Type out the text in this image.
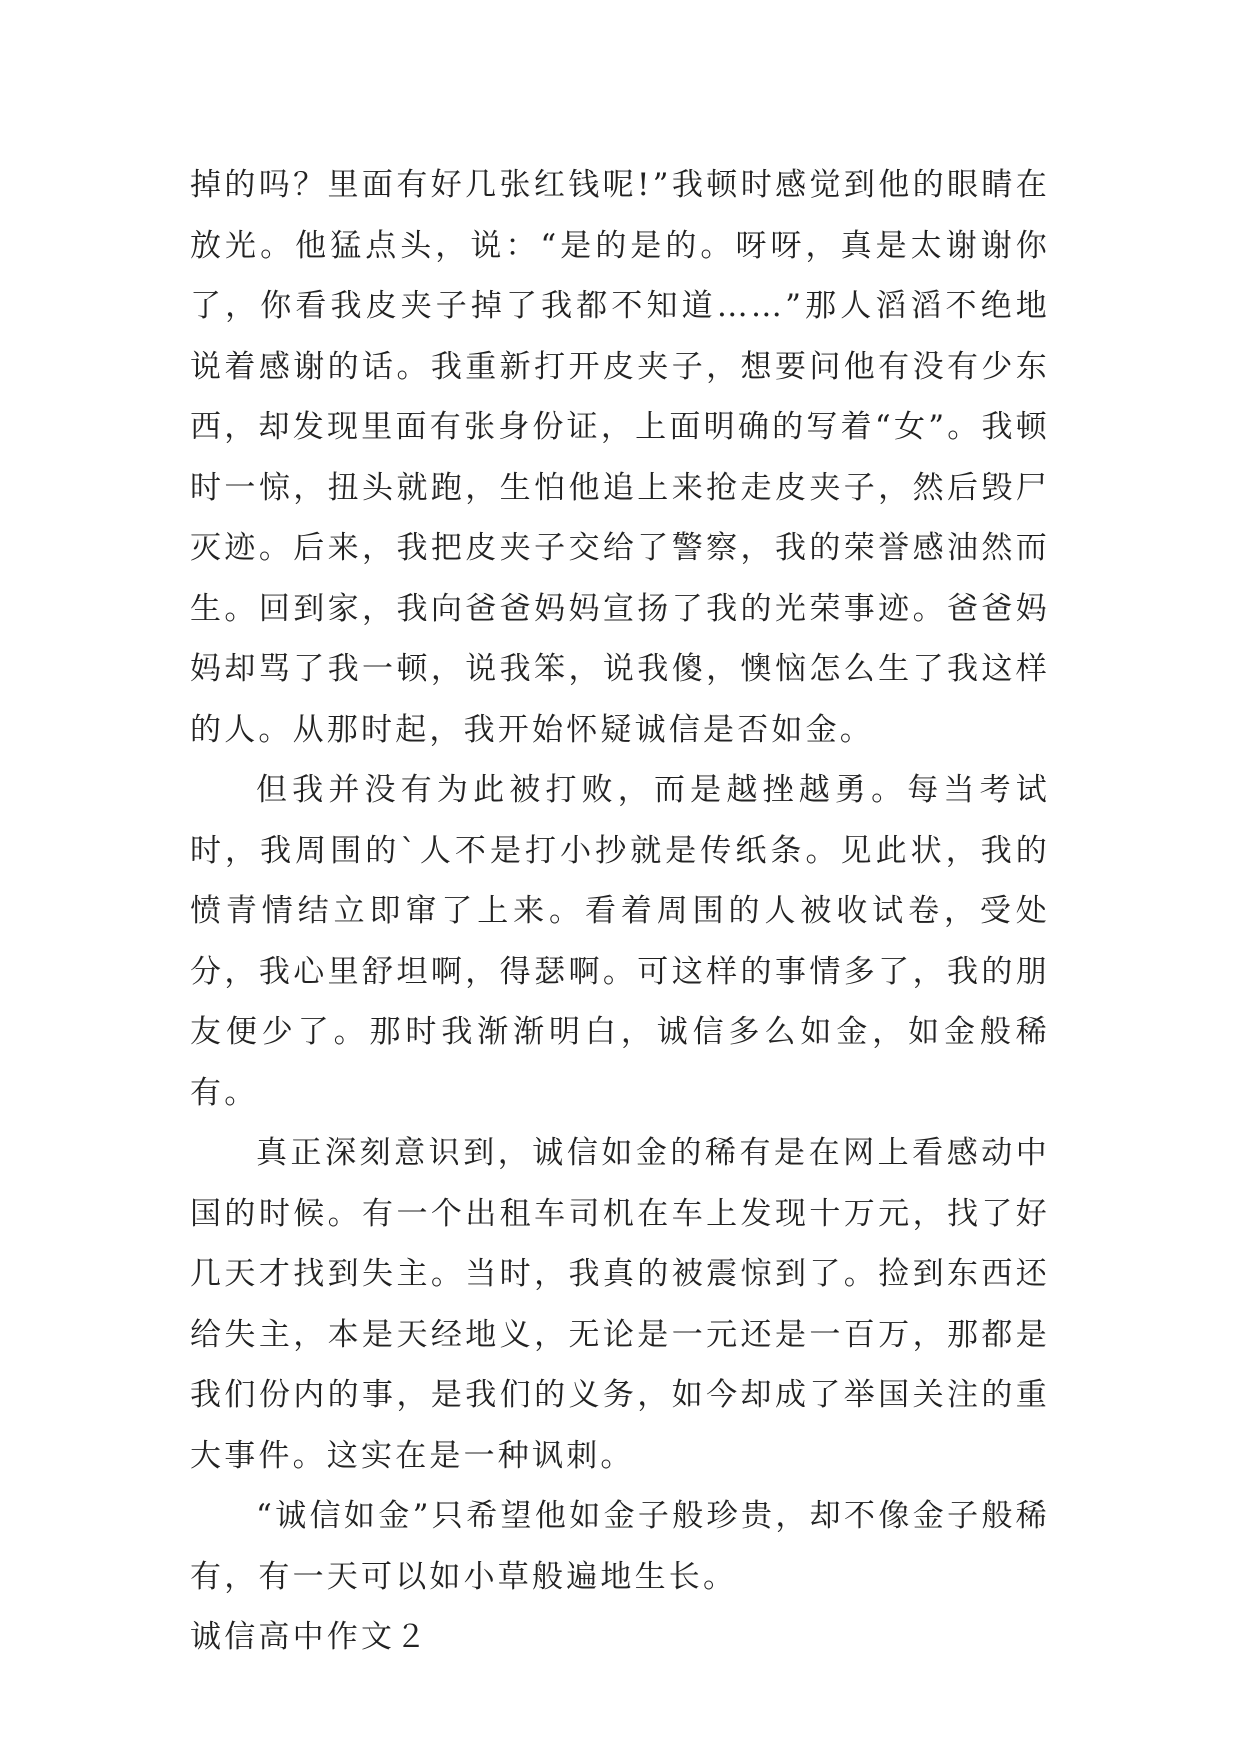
掉的吗？里面有好几张红钱呢!”我顿时感觉到他的眼睛在放光。他猛点头，说：“是的是的。呀呀，真是太谢谢你了，你看我皮夹子掉了我都不知道……”那人滔滔不绝地说着感谢的话。我重新打开皮夹子，想要问他有没有少东西，却发现里面有张身份证，上面明确的写着“女”。我顿时一惊，扭头就跑，生怕他追上来抢走皮夹子，然后毁尸灭迹。后来，我把皮夹子交给了警察，我的荣誉感油然而生。回到家，我向爸爸妈妈宣扬了我的光荣事迹。爸爸妈妈却骂了我一顿，说我笨，说我傻，懊恼怎么生了我这样的人。从那时起，我开始怀疑诚信是否如金。

但我并没有为此被打败，而是越挫越勇。每当考试时，我周围的`人不是打小抄就是传纸条。见此状，我的愤青情结立即窜了上来。看着周围的人被收试卷，受处分，我心里舒坦啊，得瑟啊。可这样的事情多了，我的朋友便少了。那时我渐渐明白，诚信多么如金，如金般稀有。

真正深刻意识到，诚信如金的稀有是在网上看感动中国的时候。有一个出租车司机在车上发现十万元，找了好几天才找到失主。当时，我真的被震惊到了。捡到东西还给失主，本是天经地义，无论是一元还是一百万，那都是我们份内的事，是我们的义务，如今却成了举国关注的重大事件。这实在是一种讽刺。

“诚信如金”只希望他如金子般珍贵，却不像金子般稀有，有一天可以如小草般遍地生长。

诚信高中作文２
